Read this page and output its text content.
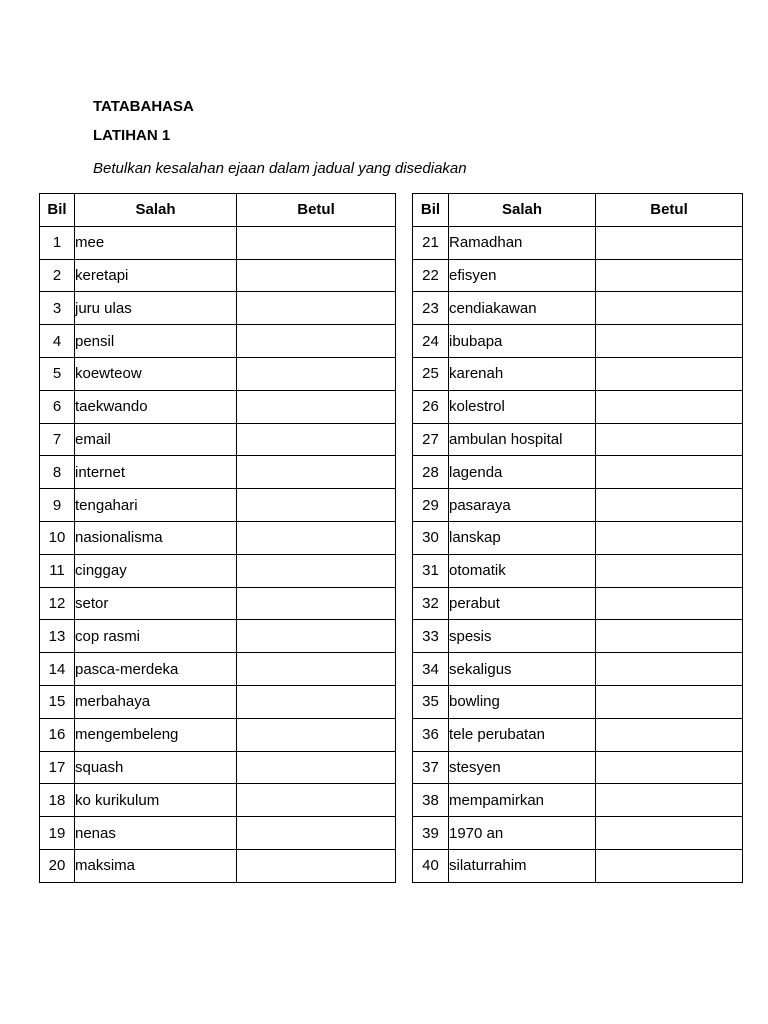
TATABAHASA
LATIHAN 1

Betulkan kesalahan ejaan dalam jadual yang disediakan

Bil	Salah	Betul
1	mee	
2	keretapi	
3	juru ulas	
4	pensil	
5	koewteow	
6	taekwando	
7	email	
8	internet	
9	tengahari	
10	nasionalisma	
11	cinggay	
12	setor	
13	cop rasmi	
14	pasca-merdeka	
15	merbahaya	
16	mengembeleng	
17	squash	
18	ko kurikulum	
19	nenas	
20	maksima	
Bil	Salah	Betul
21	Ramadhan	
22	efisyen	
23	cendiakawan	
24	ibubapa	
25	karenah	
26	kolestrol	
27	ambulan hospital	
28	lagenda	
29	pasaraya	
30	lanskap	
31	otomatik	
32	perabut	
33	spesis	
34	sekaligus	
35	bowling	
36	tele perubatan	
37	stesyen	
38	mempamirkan	
39	1970 an	
40	silaturrahim	
